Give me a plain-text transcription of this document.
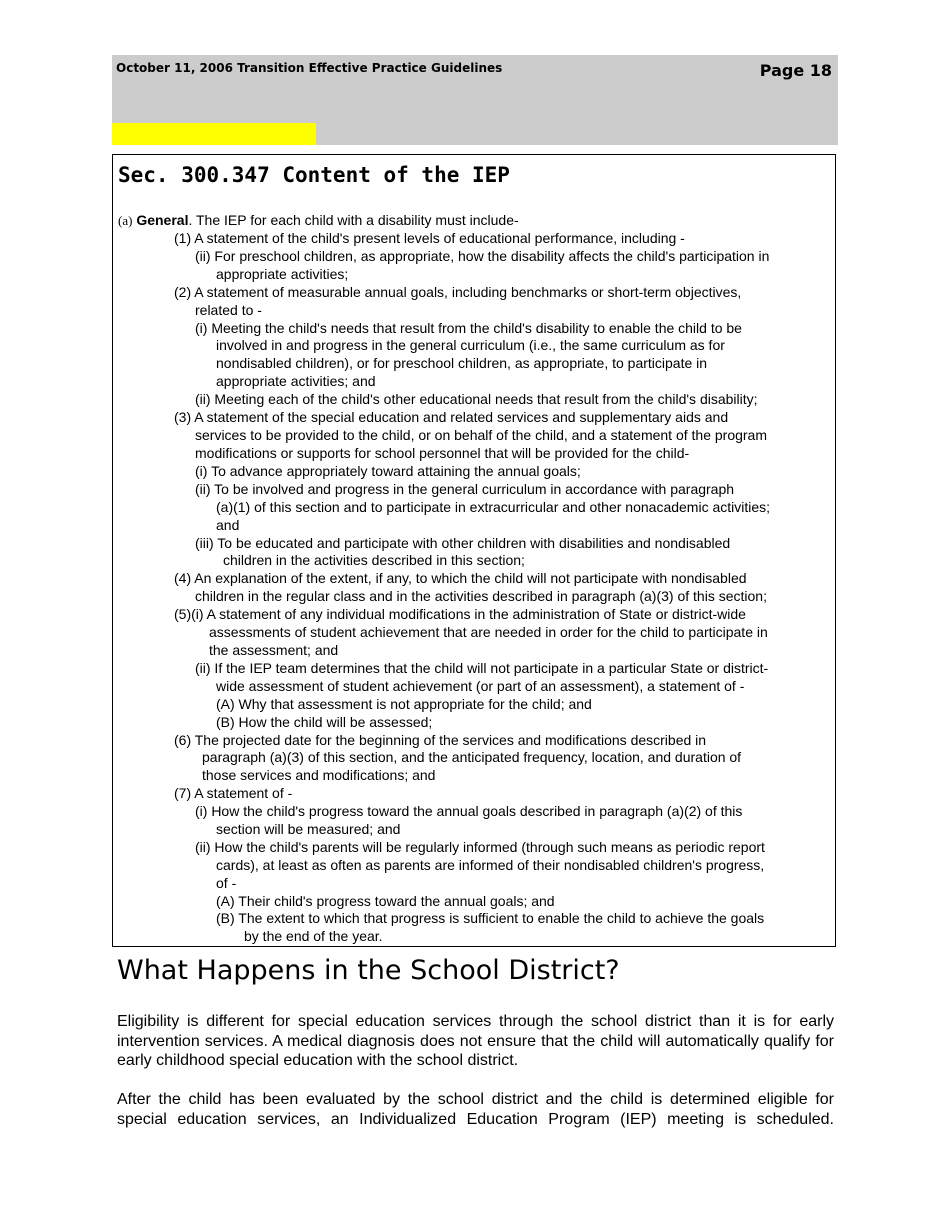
October 11, 2006 Transition Effective Practice Guidelines	Page 18
Sec. 300.347 Content of the IEP
(a) General. The IEP for each child with a disability must include-
(1) A statement of the child's present levels of educational performance, including -
(ii) For preschool children, as appropriate, how the disability affects the child's participation in
appropriate activities;
(2) A statement of measurable annual goals, including benchmarks or short-term objectives,
related to -
(i) Meeting the child's needs that result from the child's disability to enable the child to be
involved in and progress in the general curriculum (i.e., the same curriculum as for
nondisabled children), or for preschool children, as appropriate, to participate in
appropriate activities; and
(ii) Meeting each of the child's other educational needs that result from the child's disability;
(3) A statement of the special education and related services and supplementary aids and
services to be provided to the child, or on behalf of the child, and a statement of the program
modifications or supports for school personnel that will be provided for the child-
(i) To advance appropriately toward attaining the annual goals;
(ii) To be involved and progress in the general curriculum in accordance with paragraph
(a)(1) of this section and to participate in extracurricular and other nonacademic activities;
and
(iii) To be educated and participate with other children with disabilities and nondisabled
children in the activities described in this section;
(4) An explanation of the extent, if any, to which the child will not participate with nondisabled
children in the regular class and in the activities described in paragraph (a)(3) of this section;
(5)(i) A statement of any individual modifications in the administration of State or district-wide
assessments of student achievement that are needed in order for the child to participate in
the assessment; and
(ii) If the IEP team determines that the child will not participate in a particular State or district-
wide assessment of student achievement (or part of an assessment), a statement of -
(A) Why that assessment is not appropriate for the child; and
(B) How the child will be assessed;
(6) The projected date for the beginning of the services and modifications described in
paragraph (a)(3) of this section, and the anticipated frequency, location, and duration of
those services and modifications; and
(7) A statement of -
(i) How the child's progress toward the annual goals described in paragraph (a)(2) of this
section will be measured; and
(ii) How the child's parents will be regularly informed (through such means as periodic report
cards), at least as often as parents are informed of their nondisabled children's progress,
of -
(A) Their child's progress toward the annual goals; and
(B) The extent to which that progress is sufficient to enable the child to achieve the goals
by the end of the year.
What Happens in the School District?
Eligibility is different for special education services through the school district than it is for early intervention services. A medical diagnosis does not ensure that the child will automatically qualify for early childhood special education with the school district.
After the child has been evaluated by the school district and the child is determined eligible for special education services, an Individualized Education Program (IEP) meeting is scheduled.
